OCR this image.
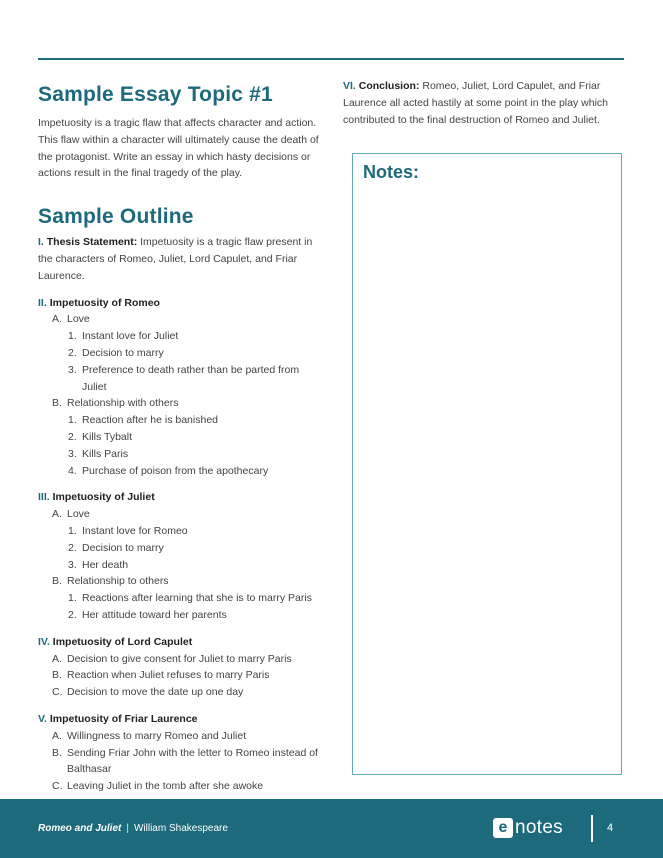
Sample Essay Topic #1

Impetuosity is a tragic flaw that affects character and action. This flaw within a character will ultimately cause the death of the protagonist. Write an essay in which hasty decisions or actions result in the final tragedy of the play.

Sample Outline
I. Thesis Statement: Impetuosity is a tragic flaw present in the characters of Romeo, Juliet, Lord Capulet, and Friar Laurence.
II. Impetuosity of Romeo
A. Love
1. Instant love for Juliet
2. Decision to marry
3. Preference to death rather than be parted from Juliet
B. Relationship with others
1. Reaction after he is banished
2. Kills Tybalt
3. Kills Paris
4. Purchase of poison from the apothecary
III. Impetuosity of Juliet
A. Love
1. Instant love for Romeo
2. Decision to marry
3. Her death
B. Relationship to others
1. Reactions after learning that she is to marry Paris
2. Her attitude toward her parents
IV. Impetuosity of Lord Capulet
A. Decision to give consent for Juliet to marry Paris
B. Reaction when Juliet refuses to marry Paris
C. Decision to move the date up one day
V. Impetuosity of Friar Laurence
A. Willingness to marry Romeo and Juliet
B. Sending Friar John with the letter to Romeo instead of Balthasar
C. Leaving Juliet in the tomb after she awoke
VI. Conclusion: Romeo, Juliet, Lord Capulet, and Friar Laurence all acted hastily at some point in the play which contributed to the final destruction of Romeo and Juliet.
Notes:
Romeo and Juliet | William Shakespeare	e notes	4
